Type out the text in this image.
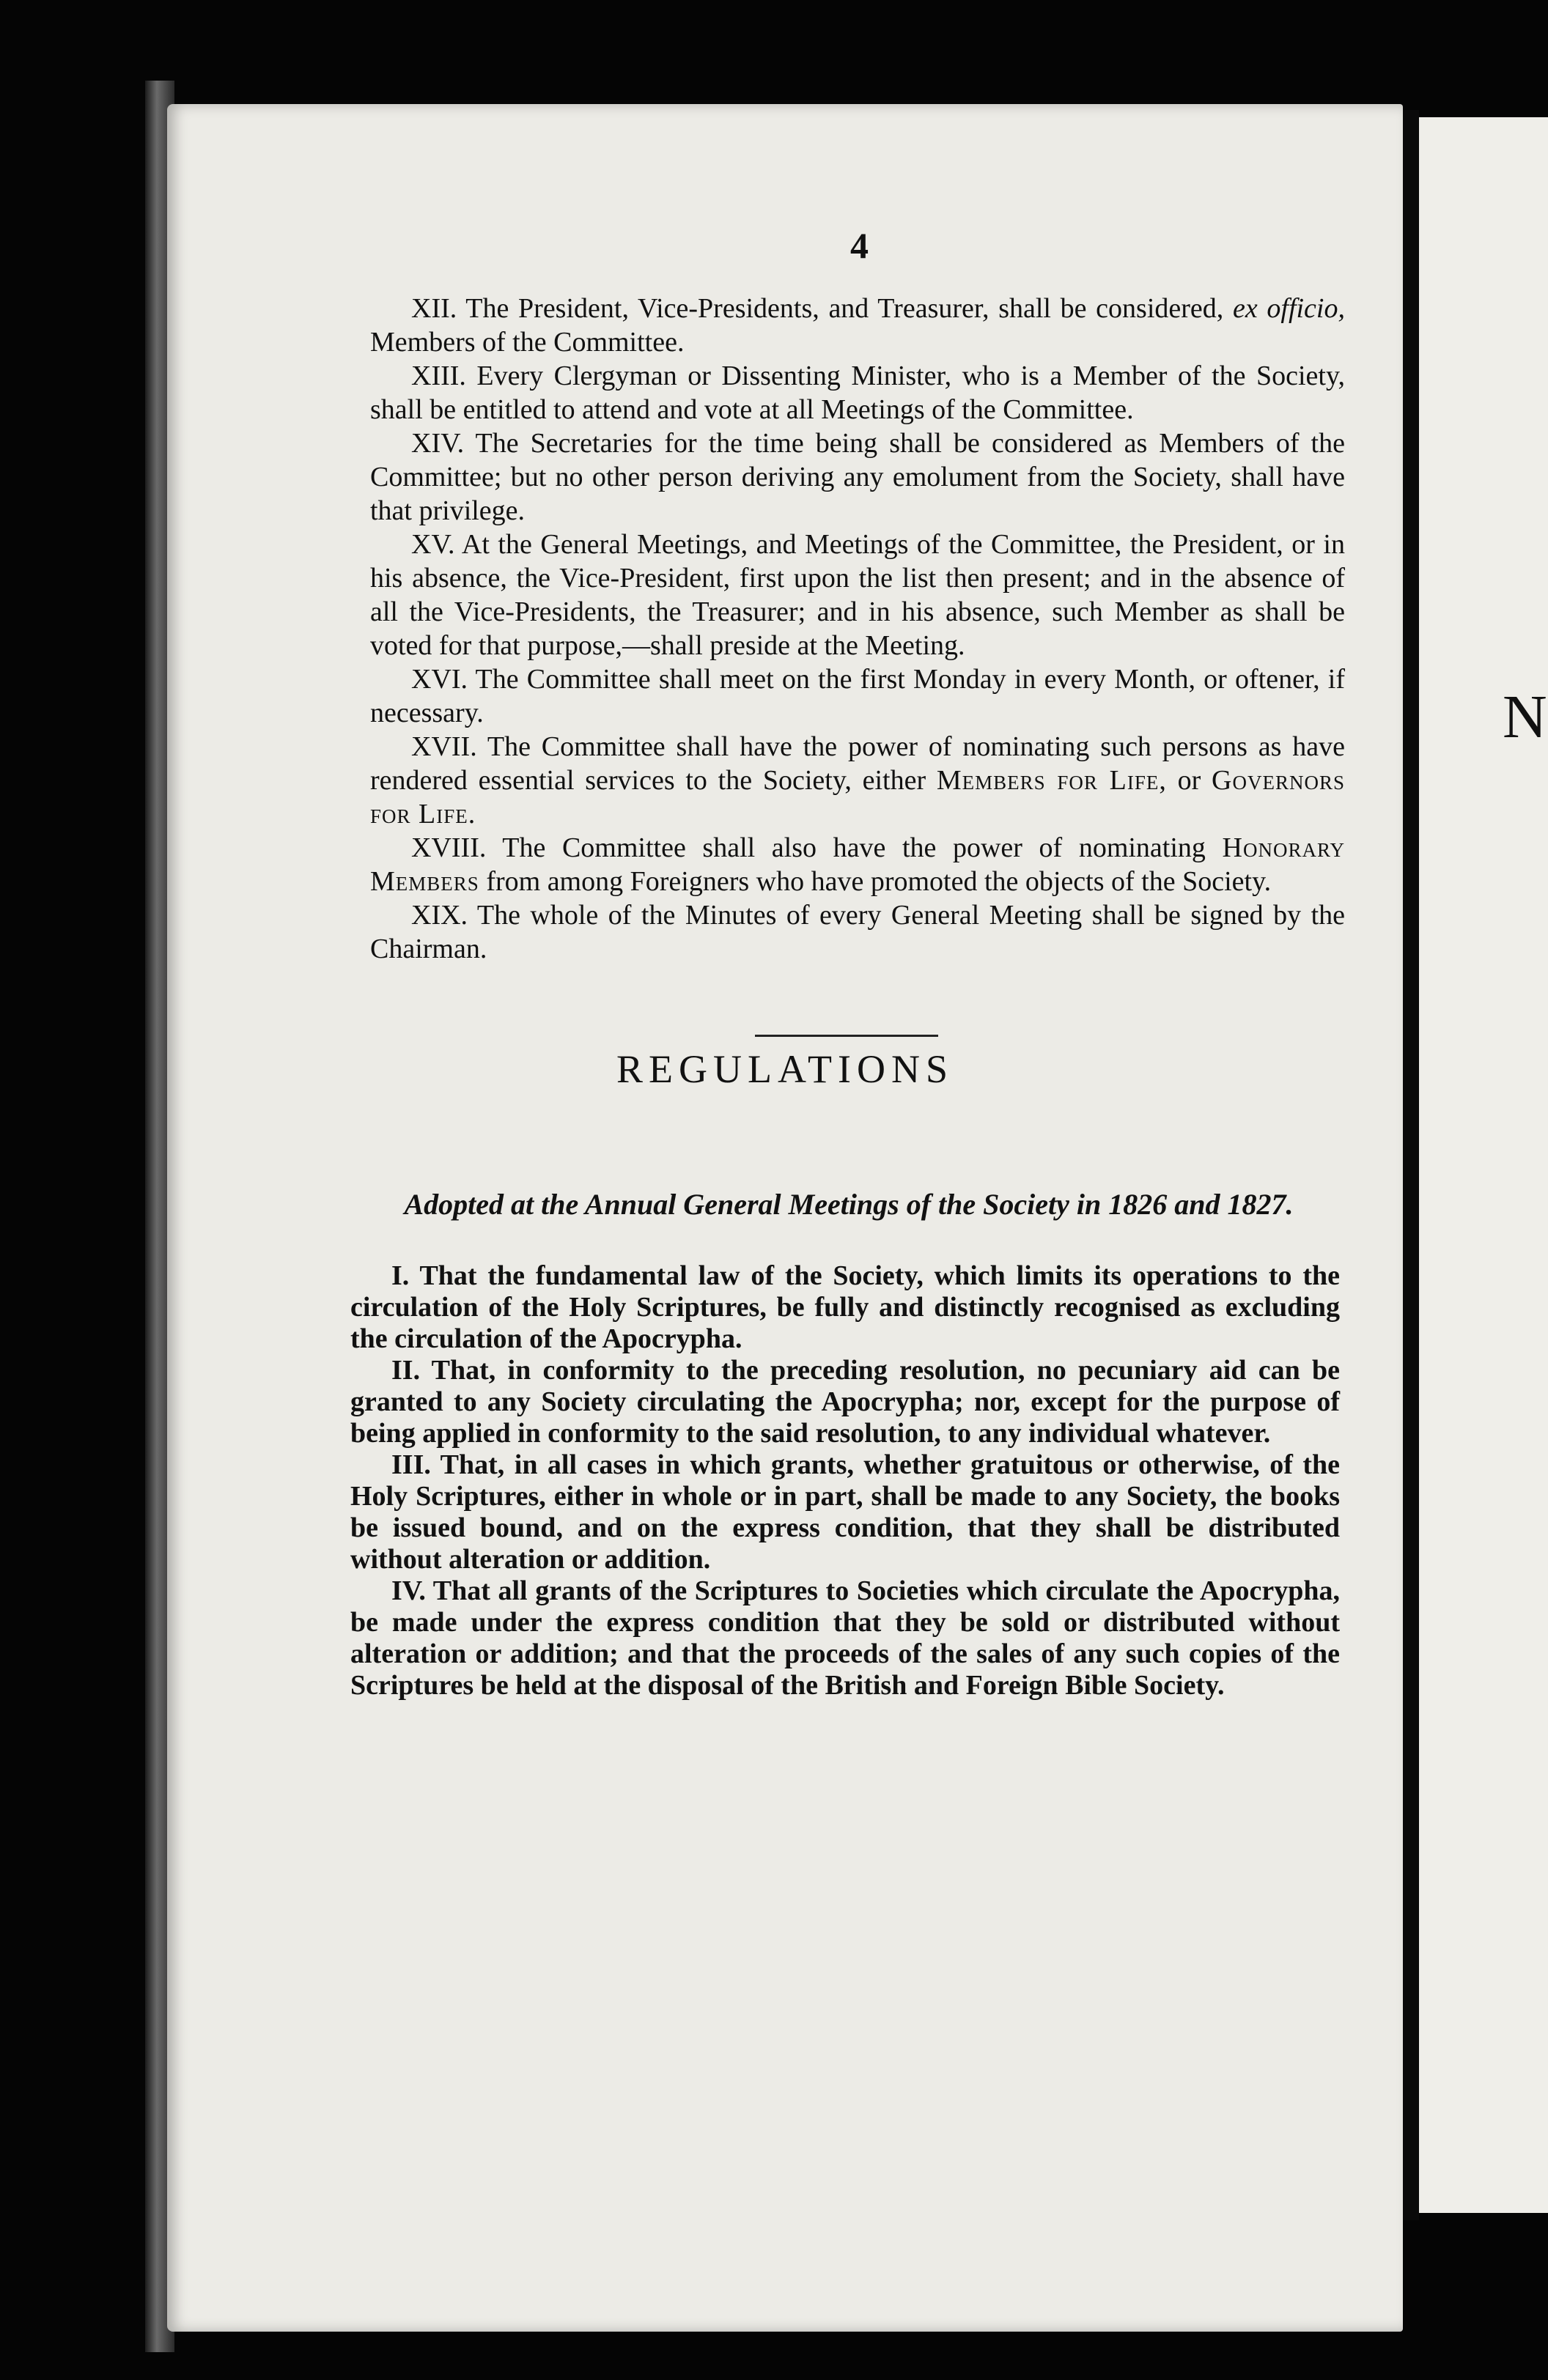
4

XII. The President, Vice-Presidents, and Treasurer, shall be considered, ex officio, Members of the Committee.

XIII. Every Clergyman or Dissenting Minister, who is a Member of the Society, shall be entitled to attend and vote at all Meetings of the Committee.

XIV. The Secretaries for the time being shall be considered as Members of the Committee; but no other person deriving any emolument from the Society, shall have that privilege.

XV. At the General Meetings, and Meetings of the Committee, the President, or in his absence, the Vice-President, first upon the list then present; and in the absence of all the Vice-Presidents, the Treasurer; and in his absence, such Member as shall be voted for that purpose,—shall preside at the Meeting.

XVI. The Committee shall meet on the first Monday in every Month, or oftener, if necessary.

XVII. The Committee shall have the power of nominating such persons as have rendered essential services to the Society, either Members for Life, or Governors for Life.

XVIII. The Committee shall also have the power of nominating Honorary Members from among Foreigners who have promoted the objects of the Society.

XIX. The whole of the Minutes of every General Meeting shall be signed by the Chairman.

REGULATIONS
Adopted at the Annual General Meetings of the Society in 1826 and 1827.

I. That the fundamental law of the Society, which limits its operations to the circulation of the Holy Scriptures, be fully and distinctly recognised as excluding the circulation of the Apocrypha.

II. That, in conformity to the preceding resolution, no pecuniary aid can be granted to any Society circulating the Apocrypha; nor, except for the purpose of being applied in conformity to the said resolution, to any individual whatever.

III. That, in all cases in which grants, whether gratuitous or otherwise, of the Holy Scriptures, either in whole or in part, shall be made to any Society, the books be issued bound, and on the express condition, that they shall be distributed without alteration or addition.

IV. That all grants of the Scriptures to Societies which circulate the Apocrypha, be made under the express condition that they be sold or distributed without alteration or addition; and that the proceeds of the sales of any such copies of the Scriptures be held at the disposal of the British and Foreign Bible Society.

N
